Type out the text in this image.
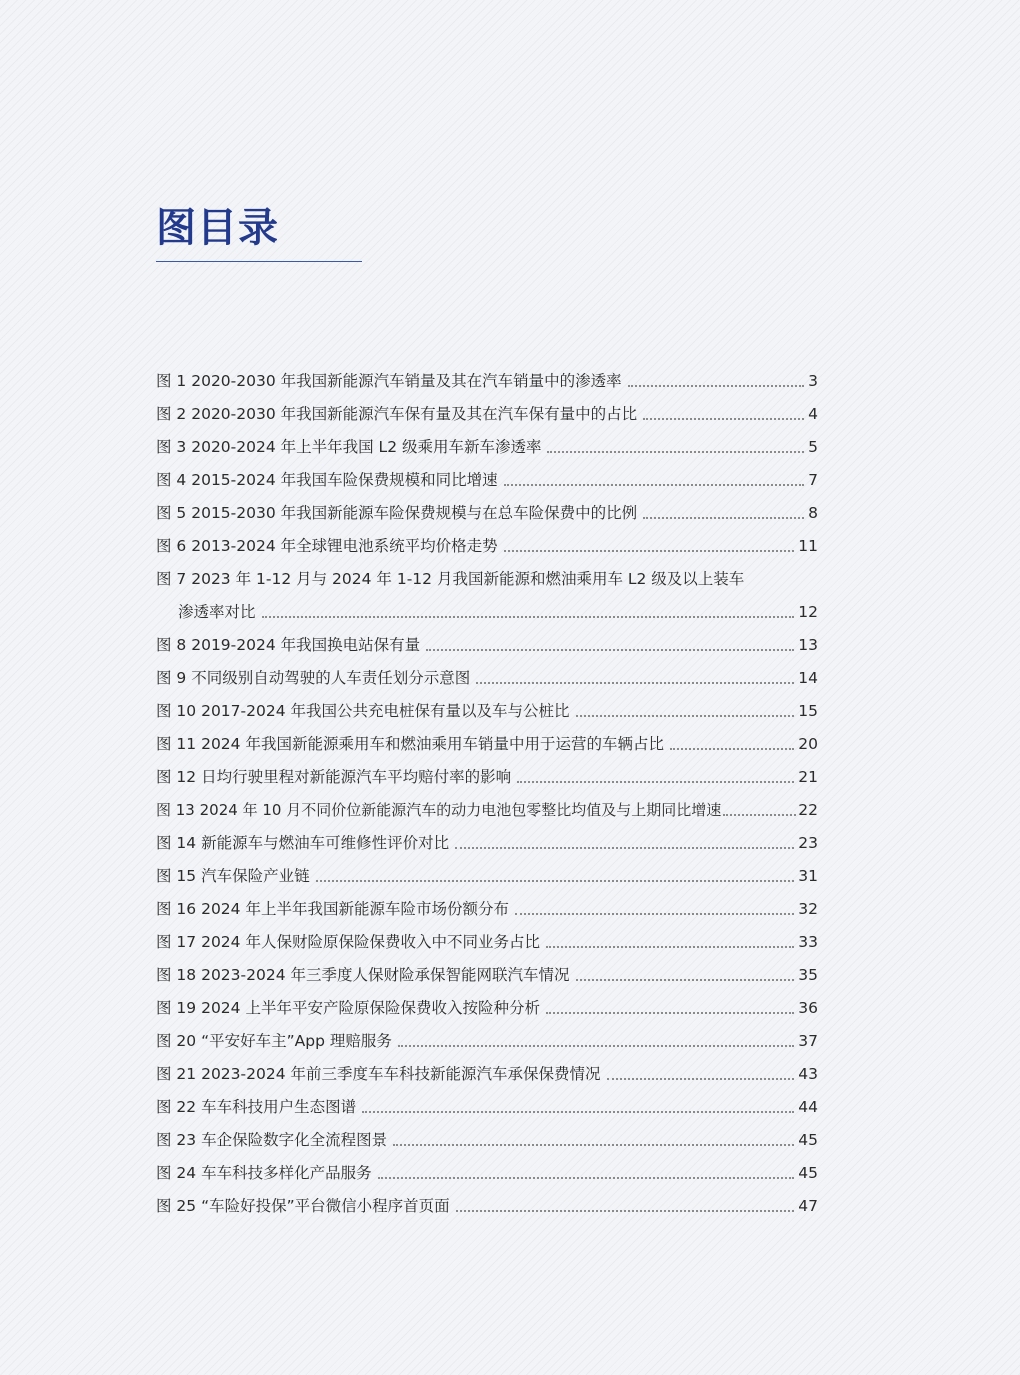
图目录
图 1 2020-2030 年我国新能源汽车销量及其在汽车销量中的渗透率	3
图 2 2020-2030 年我国新能源汽车保有量及其在汽车保有量中的占比	4
图 3 2020-2024 年上半年我国 L2 级乘用车新车渗透率	5
图 4 2015-2024 年我国车险保费规模和同比增速	7
图 5 2015-2030 年我国新能源车险保费规模与在总车险保费中的比例	8
图 6 2013-2024 年全球锂电池系统平均价格走势	11
图 7 2023 年 1-12 月与 2024 年 1-12 月我国新能源和燃油乘用车 L2 级及以上装车
渗透率对比	12
图 8 2019-2024 年我国换电站保有量	13
图 9 不同级别自动驾驶的人车责任划分示意图	14
图 10 2017-2024 年我国公共充电桩保有量以及车与公桩比	15
图 11 2024 年我国新能源乘用车和燃油乘用车销量中用于运营的车辆占比	20
图 12 日均行驶里程对新能源汽车平均赔付率的影响	21
图 13 2024 年 10 月不同价位新能源汽车的动力电池包零整比均值及与上期同比增速	22
图 14 新能源车与燃油车可维修性评价对比	23
图 15 汽车保险产业链	31
图 16 2024 年上半年我国新能源车险市场份额分布	32
图 17 2024 年人保财险原保险保费收入中不同业务占比	33
图 18 2023-2024 年三季度人保财险承保智能网联汽车情况	35
图 19 2024 上半年平安产险原保险保费收入按险种分析	36
图 20 “平安好车主”App 理赔服务	37
图 21 2023-2024 年前三季度车车科技新能源汽车承保保费情况	43
图 22 车车科技用户生态图谱	44
图 23 车企保险数字化全流程图景	45
图 24 车车科技多样化产品服务	45
图 25 “车险好投保”平台微信小程序首页面	47
